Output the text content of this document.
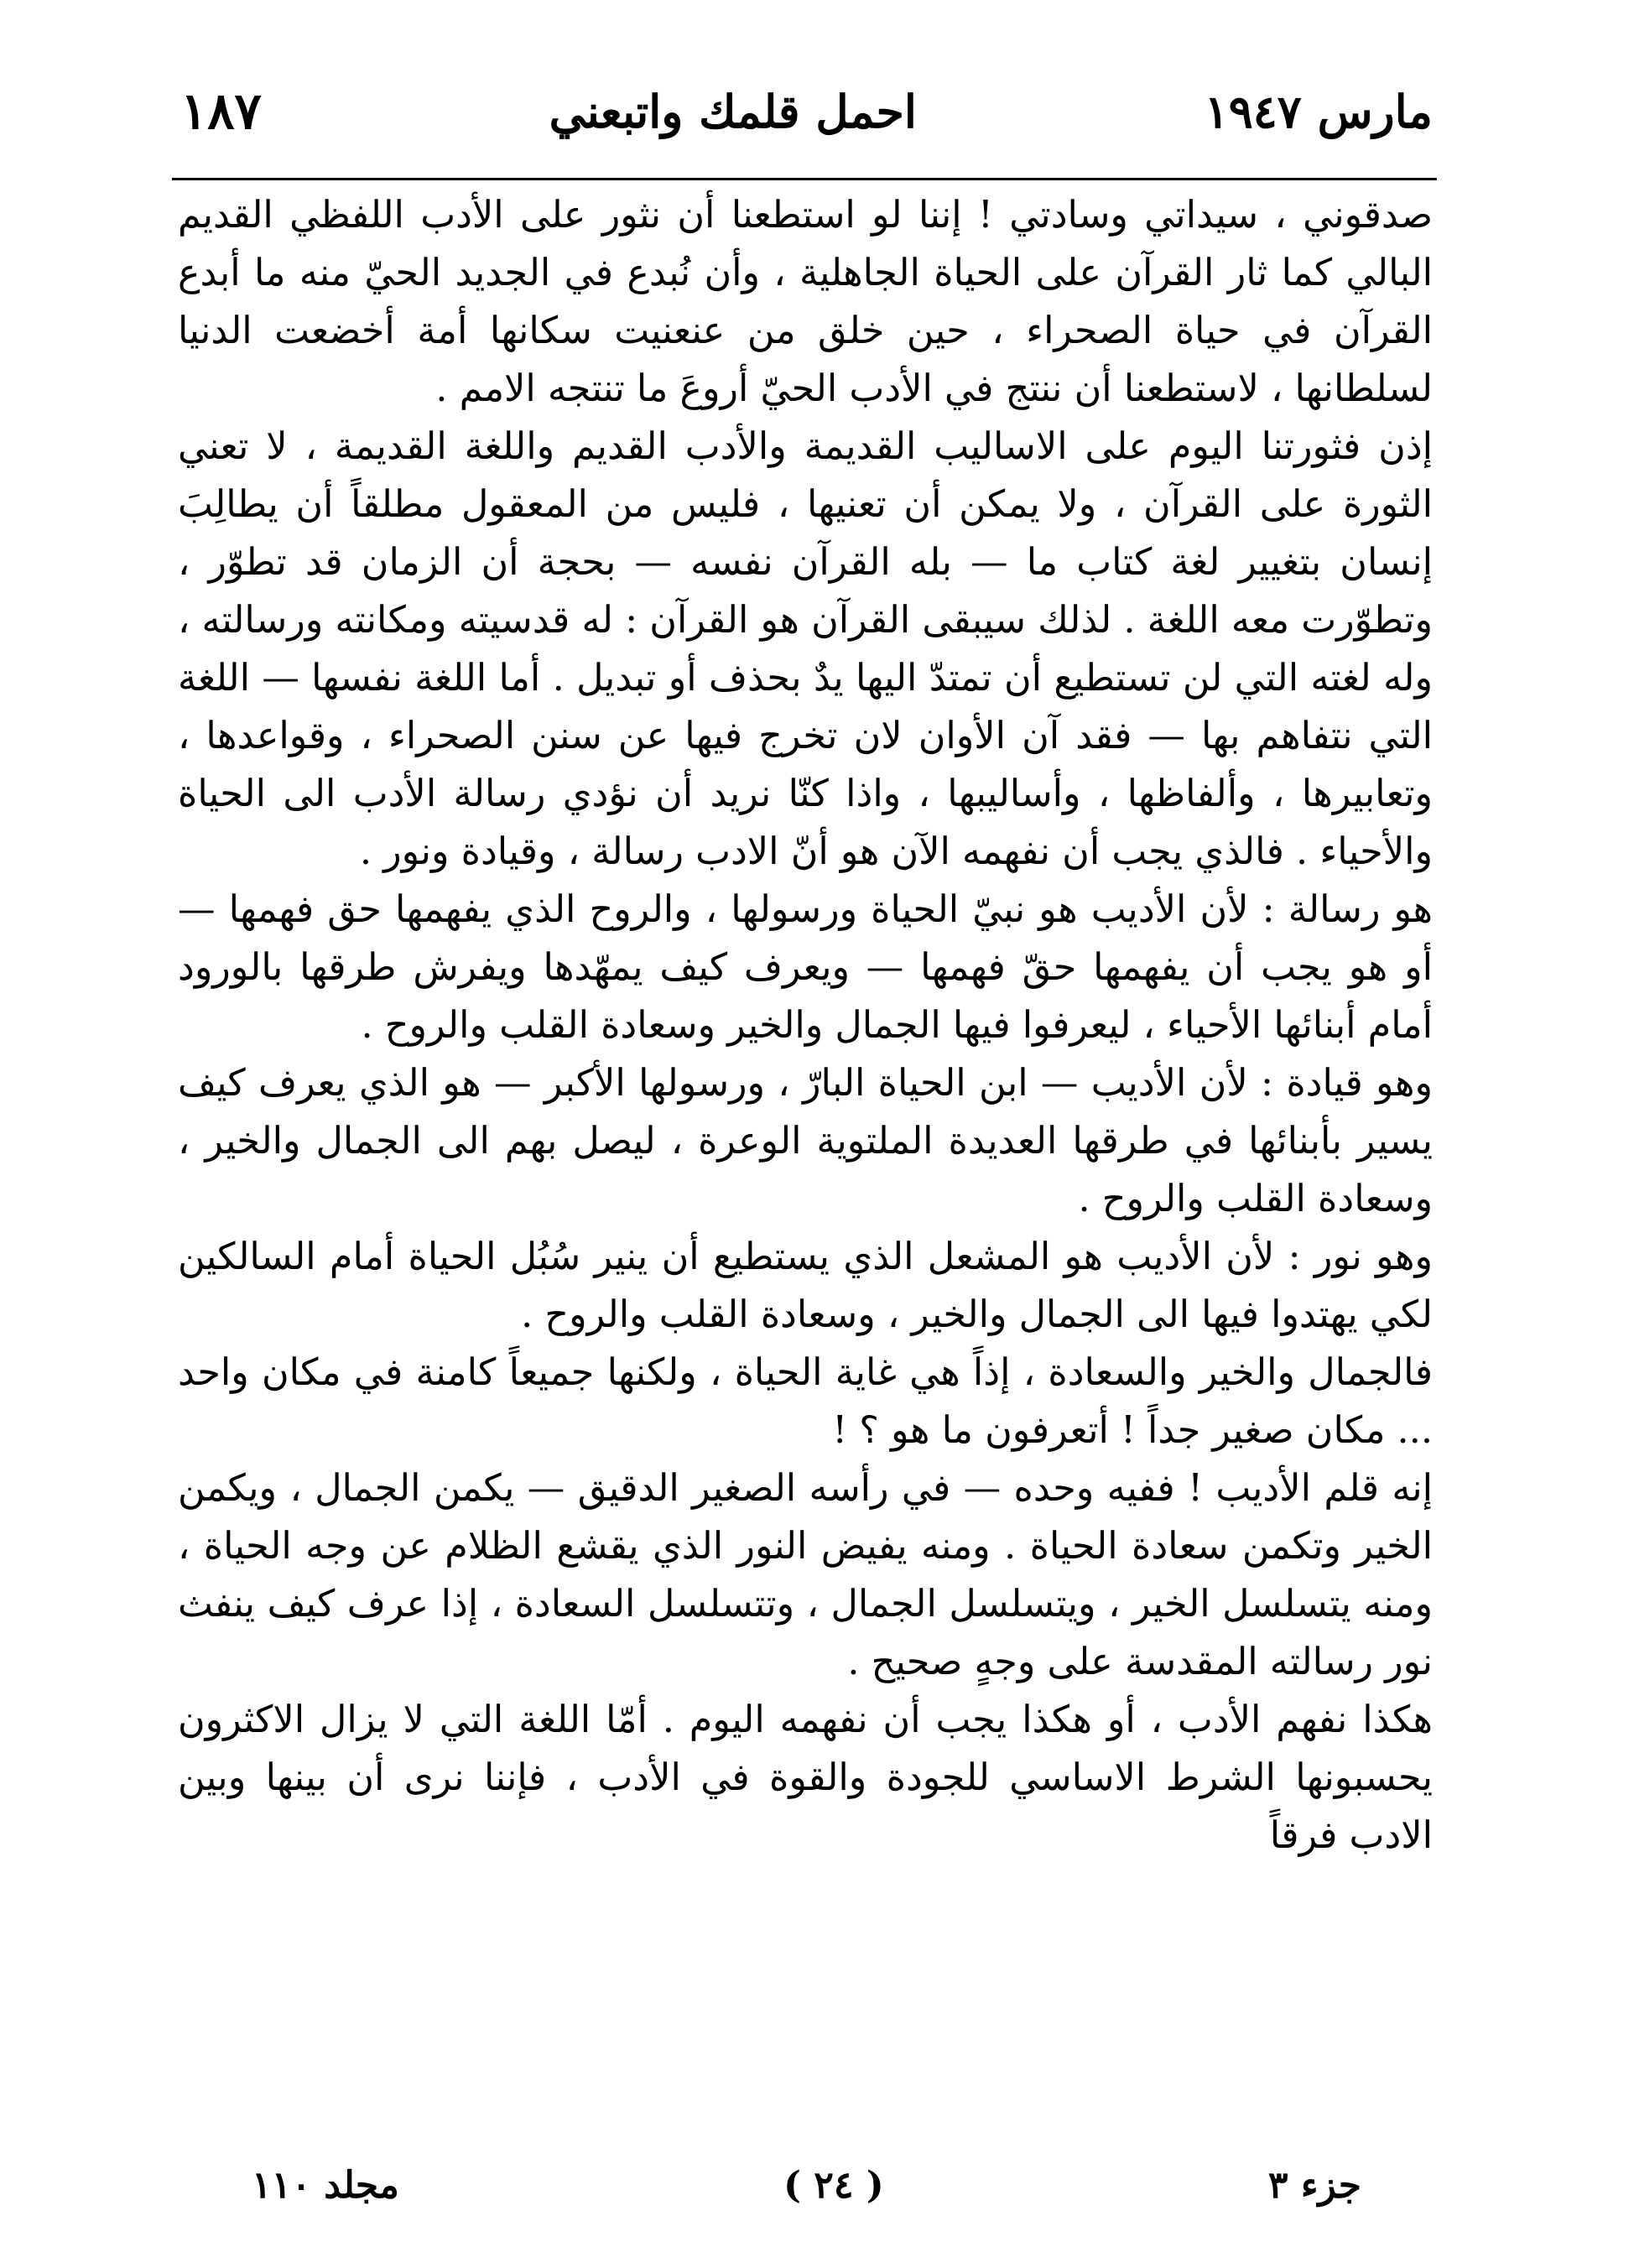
مارس ١٩٤٧
احمل قلمك واتبعني
١٨٧

صدقوني ، سيداتي وسادتي ! إننا لو استطعنا أن نثور على الأدب اللفظي القديم البالي كما ثار القرآن على الحياة الجاهلية ، وأن نُبدع في الجديد الحيّ منه ما أبدع القرآن في حياة الصحراء ، حين خلق من عنعنيت سكانها أمة أخضعت الدنيا لسلطانها ، لاستطعنا أن ننتج في الأدب الحيّ أروعَ ما تنتجه الامم .

إذن فثورتنا اليوم على الاساليب القديمة والأدب القديم واللغة القديمة ، لا تعني الثورة على القرآن ، ولا يمكن أن تعنيها ، فليس من المعقول مطلقاً أن يطالِبَ إنسان بتغيير لغة كتاب ما — بله القرآن نفسه — بحجة أن الزمان قد تطوّر ، وتطوّرت معه اللغة . لذلك سيبقى القرآن هو القرآن : له قدسيته ومكانته ورسالته ، وله لغته التي لن تستطيع أن تمتدّ اليها يدٌ بحذف أو تبديل . أما اللغة نفسها — اللغة التي نتفاهم بها — فقد آن الأوان لان تخرج فيها عن سنن الصحراء ، وقواعدها ، وتعابيرها ، وألفاظها ، وأساليبها ، واذا كنّا نريد أن نؤدي رسالة الأدب الى الحياة والأحياء . فالذي يجب أن نفهمه الآن هو أنّ الادب رسالة ، وقيادة ونور .

هو رسالة : لأن الأديب هو نبيّ الحياة ورسولها ، والروح الذي يفهمها حق فهمها — أو هو يجب أن يفهمها حقّ فهمها — ويعرف كيف يمهّدها ويفرش طرقها بالورود أمام أبنائها الأحياء ، ليعرفوا فيها الجمال والخير وسعادة القلب والروح .

وهو قيادة : لأن الأديب — ابن الحياة البارّ ، ورسولها الأكبر — هو الذي يعرف كيف يسير بأبنائها في طرقها العديدة الملتوية الوعرة ، ليصل بهم الى الجمال والخير ، وسعادة القلب والروح .

وهو نور : لأن الأديب هو المشعل الذي يستطيع أن ينير سُبُل الحياة أمام السالكين لكي يهتدوا فيها الى الجمال والخير ، وسعادة القلب والروح .

فالجمال والخير والسعادة ، إذاً هي غاية الحياة ، ولكنها جميعاً كامنة في مكان واحد ... مكان صغير جداً ! أتعرفون ما هو ؟ !

إنه قلم الأديب ! ففيه وحده — في رأسه الصغير الدقيق — يكمن الجمال ، ويكمن الخير وتكمن سعادة الحياة . ومنه يفيض النور الذي يقشع الظلام عن وجه الحياة ، ومنه يتسلسل الخير ، ويتسلسل الجمال ، وتتسلسل السعادة ، إذا عرف كيف ينفث نور رسالته المقدسة على وجهٍ صحيح .

هكذا نفهم الأدب ، أو هكذا يجب أن نفهمه اليوم . أمّا اللغة التي لا يزال الاكثرون يحسبونها الشرط الاساسي للجودة والقوة في الأدب ، فإننا نرى أن بينها وبين الادب فرقاً

جزء ٣
( ٢٤ )
مجلد ١١٠
